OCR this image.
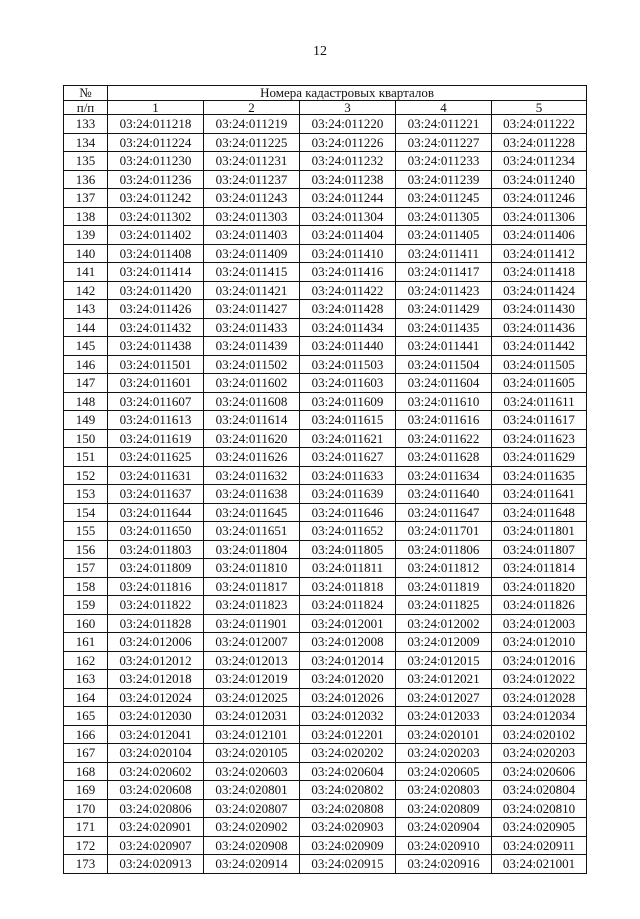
12
№	Номера кадастровых кварталов				
п/п	1	2	3	4	5
133	03:24:011218	03:24:011219	03:24:011220	03:24:011221	03:24:011222
134	03:24:011224	03:24:011225	03:24:011226	03:24:011227	03:24:011228
135	03:24:011230	03:24:011231	03:24:011232	03:24:011233	03:24:011234
136	03:24:011236	03:24:011237	03:24:011238	03:24:011239	03:24:011240
137	03:24:011242	03:24:011243	03:24:011244	03:24:011245	03:24:011246
138	03:24:011302	03:24:011303	03:24:011304	03:24:011305	03:24:011306
139	03:24:011402	03:24:011403	03:24:011404	03:24:011405	03:24:011406
140	03:24:011408	03:24:011409	03:24:011410	03:24:011411	03:24:011412
141	03:24:011414	03:24:011415	03:24:011416	03:24:011417	03:24:011418
142	03:24:011420	03:24:011421	03:24:011422	03:24:011423	03:24:011424
143	03:24:011426	03:24:011427	03:24:011428	03:24:011429	03:24:011430
144	03:24:011432	03:24:011433	03:24:011434	03:24:011435	03:24:011436
145	03:24:011438	03:24:011439	03:24:011440	03:24:011441	03:24:011442
146	03:24:011501	03:24:011502	03:24:011503	03:24:011504	03:24:011505
147	03:24:011601	03:24:011602	03:24:011603	03:24:011604	03:24:011605
148	03:24:011607	03:24:011608	03:24:011609	03:24:011610	03:24:011611
149	03:24:011613	03:24:011614	03:24:011615	03:24:011616	03:24:011617
150	03:24:011619	03:24:011620	03:24:011621	03:24:011622	03:24:011623
151	03:24:011625	03:24:011626	03:24:011627	03:24:011628	03:24:011629
152	03:24:011631	03:24:011632	03:24:011633	03:24:011634	03:24:011635
153	03:24:011637	03:24:011638	03:24:011639	03:24:011640	03:24:011641
154	03:24:011644	03:24:011645	03:24:011646	03:24:011647	03:24:011648
155	03:24:011650	03:24:011651	03:24:011652	03:24:011701	03:24:011801
156	03:24:011803	03:24:011804	03:24:011805	03:24:011806	03:24:011807
157	03:24:011809	03:24:011810	03:24:011811	03:24:011812	03:24:011814
158	03:24:011816	03:24:011817	03:24:011818	03:24:011819	03:24:011820
159	03:24:011822	03:24:011823	03:24:011824	03:24:011825	03:24:011826
160	03:24:011828	03:24:011901	03:24:012001	03:24:012002	03:24:012003
161	03:24:012006	03:24:012007	03:24:012008	03:24:012009	03:24:012010
162	03:24:012012	03:24:012013	03:24:012014	03:24:012015	03:24:012016
163	03:24:012018	03:24:012019	03:24:012020	03:24:012021	03:24:012022
164	03:24:012024	03:24:012025	03:24:012026	03:24:012027	03:24:012028
165	03:24:012030	03:24:012031	03:24:012032	03:24:012033	03:24:012034
166	03:24:012041	03:24:012101	03:24:012201	03:24:020101	03:24:020102
167	03:24:020104	03:24:020105	03:24:020202	03:24:020203	03:24:020203
168	03:24:020602	03:24:020603	03:24:020604	03:24:020605	03:24:020606
169	03:24:020608	03:24:020801	03:24:020802	03:24:020803	03:24:020804
170	03:24:020806	03:24:020807	03:24:020808	03:24:020809	03:24:020810
171	03:24:020901	03:24:020902	03:24:020903	03:24:020904	03:24:020905
172	03:24:020907	03:24:020908	03:24:020909	03:24:020910	03:24:020911
173	03:24:020913	03:24:020914	03:24:020915	03:24:020916	03:24:021001
